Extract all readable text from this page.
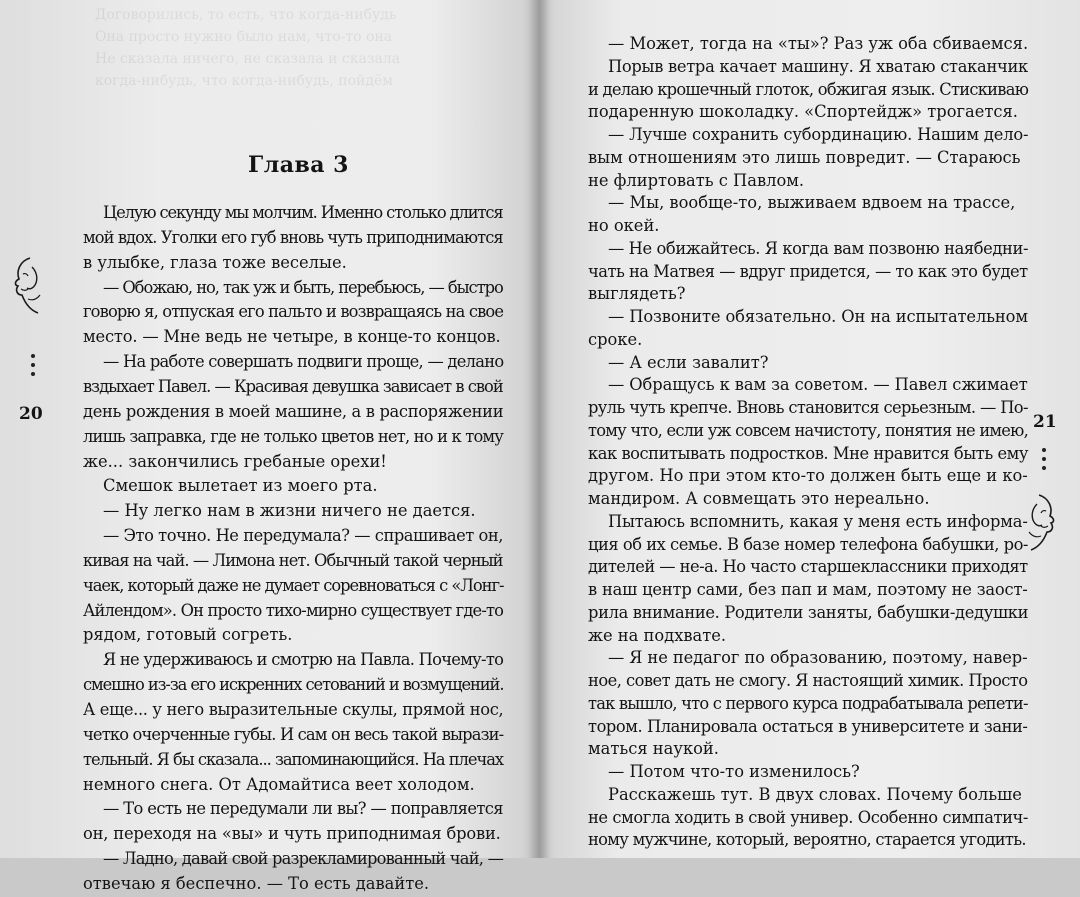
Договорились, то есть, что когда-нибудь
Она просто нужно было нам, что-то она
Не сказала ничего, не сказала и сказала
когда-нибудь, что когда-нибудь, пойдём
Глава 3
Целую секунду мы молчим. Именно столько длится
мой вдох. Уголки его губ вновь чуть приподнимаются
в улыбке, глаза тоже веселые.
— Обожаю, но, так уж и быть, перебьюсь, — быстро
говорю я, отпуская его пальто и возвращаясь на свое
место. — Мне ведь не четыре, в конце-то концов.
— На работе совершать подвиги проще, — делано
вздыхает Павел. — Красивая девушка зависает в свой
день рождения в моей машине, а в распоряжении
лишь заправка, где не только цветов нет, но и к тому
же... закончились гребаные орехи!
Смешок вылетает из моего рта.
— Ну легко нам в жизни ничего не дается.
— Это точно. Не передумала? — спрашивает он,
кивая на чай. — Лимона нет. Обычный такой черный
чаек, который даже не думает соревноваться с «Лонг-
Айлендом». Он просто тихо-мирно существует где-то
рядом, готовый согреть.
Я не удерживаюсь и смотрю на Павла. Почему-то
смешно из-за его искренних сетований и возмущений.
А еще... у него выразительные скулы, прямой нос,
четко очерченные губы. И сам он весь такой вырази-
тельный. Я бы сказала... запоминающийся. На плечах
немного снега. От Адомайтиса веет холодом.
— То есть не передумали ли вы? — поправляется
он, переходя на «вы» и чуть приподнимая брови.
— Ладно, давай свой разрекламированный чай, —
отвечаю я беспечно. — То есть давайте.
20
— Может, тогда на «ты»? Раз уж оба сбиваемся.
Порыв ветра качает машину. Я хватаю стаканчик
и делаю крошечный глоток, обжигая язык. Стискиваю
подаренную шоколадку. «Спортейдж» трогается.
— Лучше сохранить субординацию. Нашим дело-
вым отношениям это лишь повредит. — Стараюсь
не флиртовать с Павлом.
— Мы, вообще-то, выживаем вдвоем на трассе,
но окей.
— Не обижайтесь. Я когда вам позвоню наябедни-
чать на Матвея — вдруг придется, — то как это будет
выглядеть?
— Позвоните обязательно. Он на испытательном
сроке.
— А если завалит?
— Обращусь к вам за советом. — Павел сжимает
руль чуть крепче. Вновь становится серьезным. — По-
тому что, если уж совсем начистоту, понятия не имею,
как воспитывать подростков. Мне нравится быть ему
другом. Но при этом кто-то должен быть еще и ко-
мандиром. А совмещать это нереально.
Пытаюсь вспомнить, какая у меня есть информа-
ция об их семье. В базе номер телефона бабушки, ро-
дителей — не-а. Но часто старшеклассники приходят
в наш центр сами, без пап и мам, поэтому не заост-
рила внимание. Родители заняты, бабушки-дедушки
же на подхвате.
— Я не педагог по образованию, поэтому, навер-
ное, совет дать не смогу. Я настоящий химик. Просто
так вышло, что с первого курса подрабатывала репети-
тором. Планировала остаться в университете и зани-
маться наукой.
— Потом что-то изменилось?
Расскажешь тут. В двух словах. Почему больше
не смогла ходить в свой универ. Особенно симпатич-
ному мужчине, который, вероятно, старается угодить.
21
